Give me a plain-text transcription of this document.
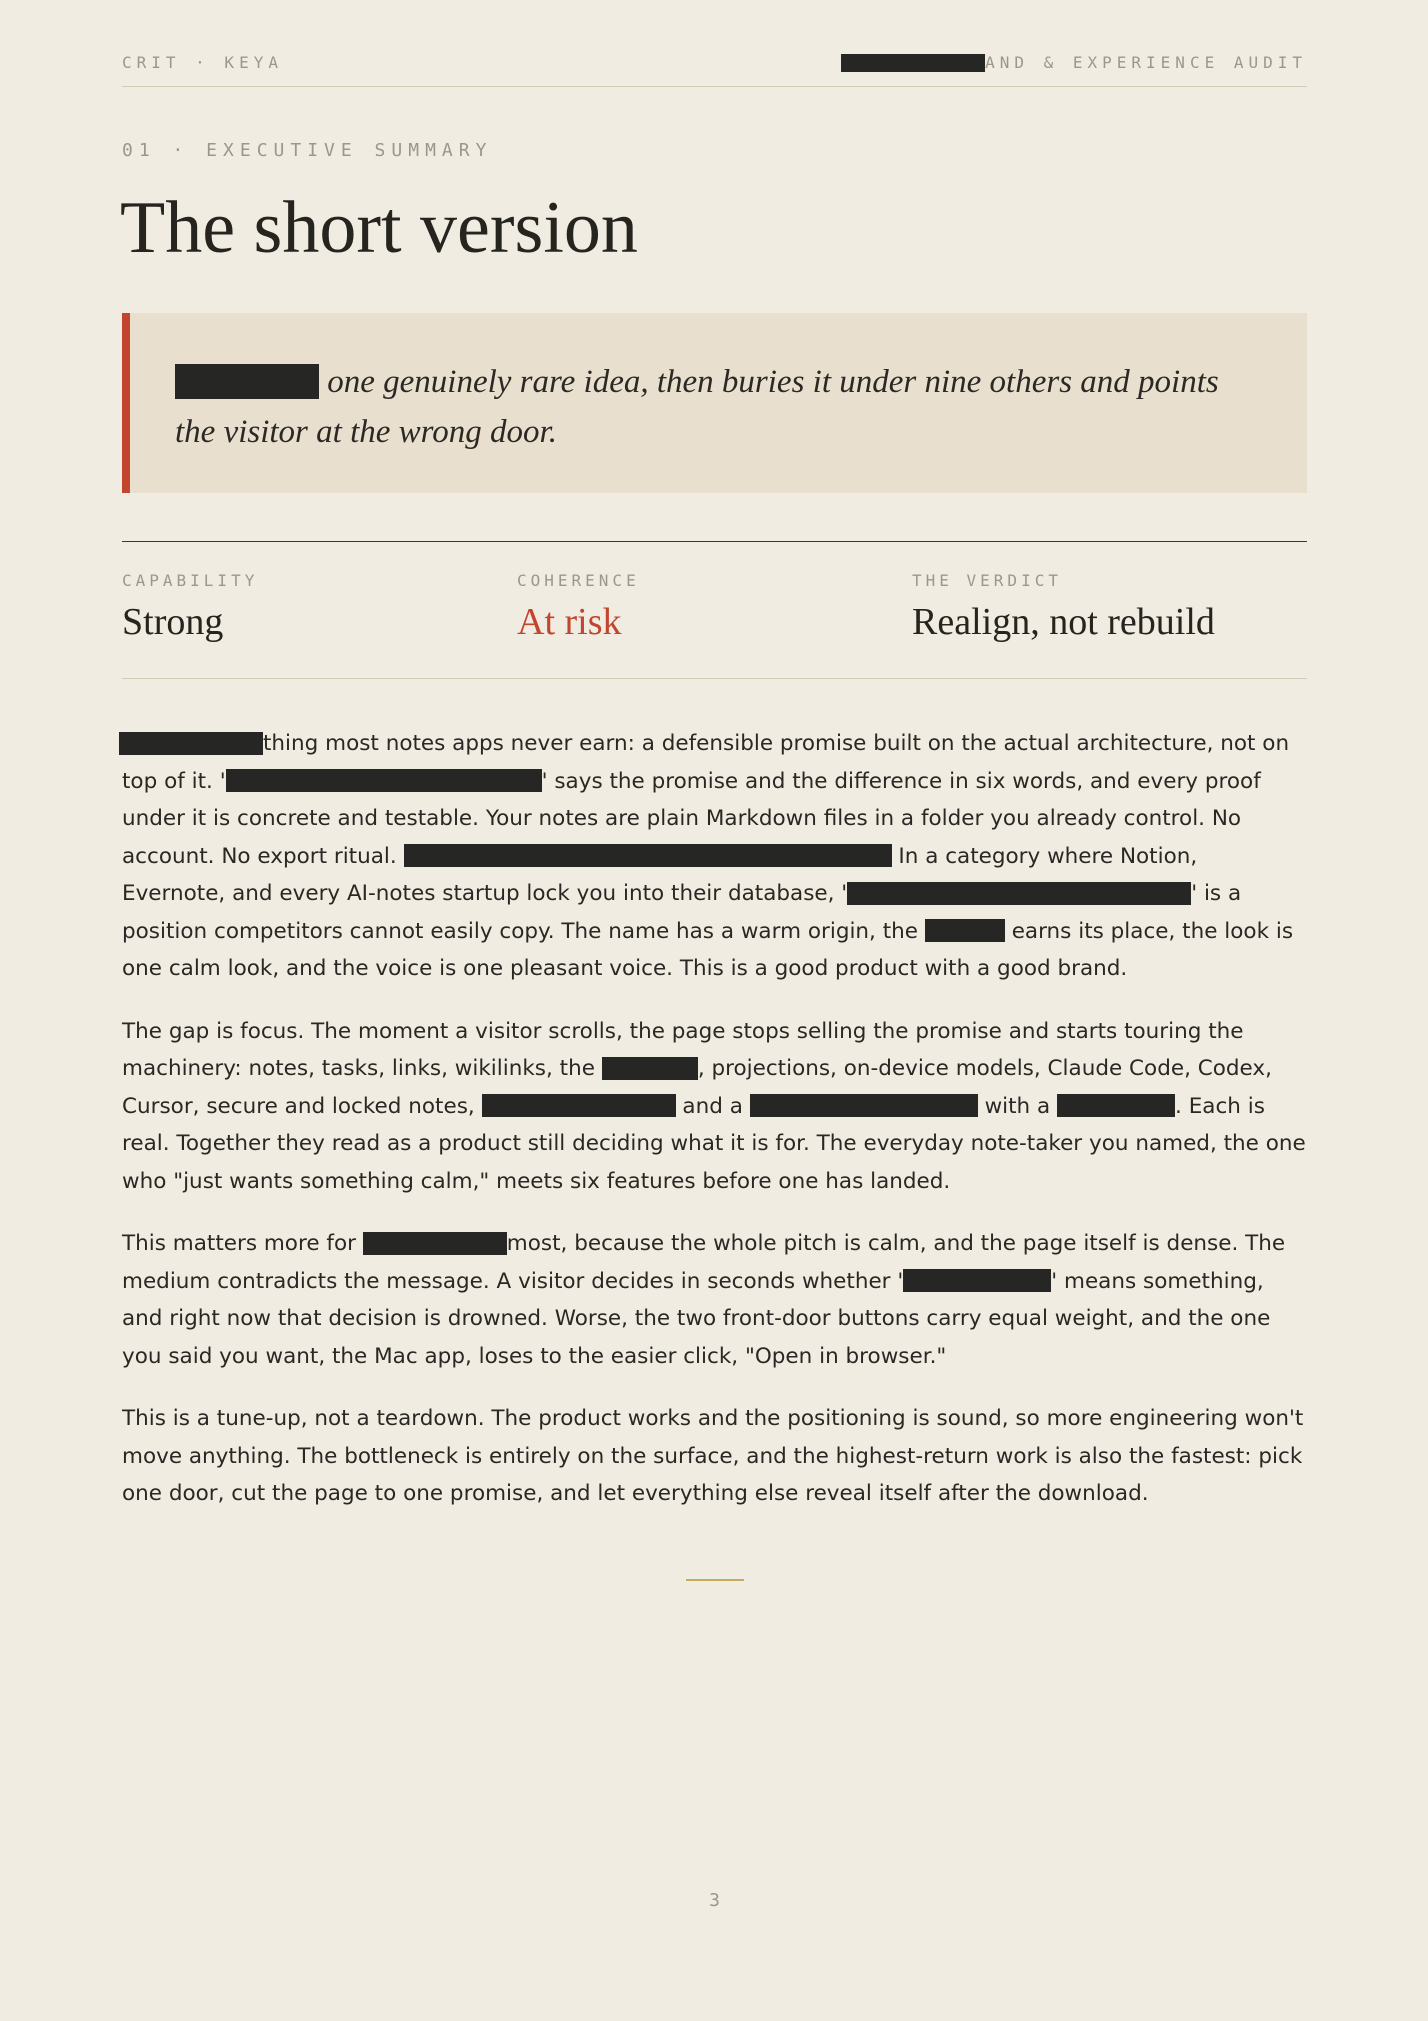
CRIT · KEYA	AND & EXPERIENCE AUDIT
01 · EXECUTIVE SUMMARY
The short version

one genuinely rare idea, then buries it under nine others and points the visitor at the wrong door.

CAPABILITY
Strong
COHERENCE
At risk
THE VERDICT
Realign, not rebuild

thing most notes apps never earn: a defensible promise built on the actual architecture, not on top of it. '	' says the promise and the difference in six words, and every proof under it is concrete and testable. Your notes are plain Markdown files in a folder you already control. No account. No export ritual.	In a category where Notion, Evernote, and every AI-notes startup lock you into their database, '	' is a position competitors cannot easily copy. The name has a warm origin, the	earns its place, the look is one calm look, and the voice is one pleasant voice. This is a good product with a good brand.

The gap is focus. The moment a visitor scrolls, the page stops selling the promise and starts touring the machinery: notes, tasks, links, wikilinks, the	, projections, on-device models, Claude Code, Codex, Cursor, secure and locked notes,	and a	with a	. Each is real. Together they read as a product still deciding what it is for. The everyday note-taker you named, the one who "just wants something calm," meets six features before one has landed.

This matters more for	most, because the whole pitch is calm, and the page itself is dense. The medium contradicts the message. A visitor decides in seconds whether '	' means something, and right now that decision is drowned. Worse, the two front-door buttons carry equal weight, and the one you said you want, the Mac app, loses to the easier click, "Open in browser."

This is a tune-up, not a teardown. The product works and the positioning is sound, so more engineering won't move anything. The bottleneck is entirely on the surface, and the highest-return work is also the fastest: pick one door, cut the page to one promise, and let everything else reveal itself after the download.

3
